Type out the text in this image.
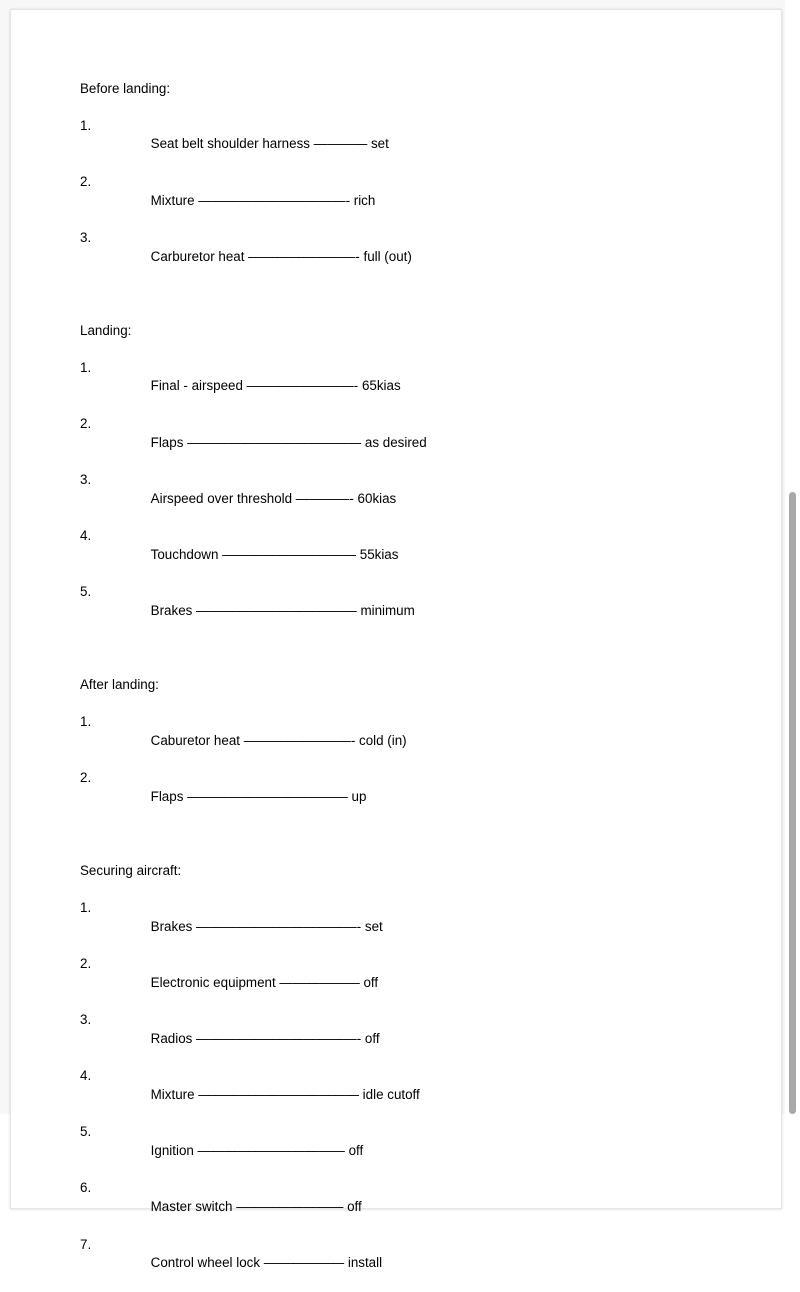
Before landing:

1.
Seat belt shoulder harness ———— set

2.
Mixture ———————————- rich

3.
Carburetor heat ————————- full (out)

Landing:

1.
Final - airspeed ————————- 65kias

2.
Flaps ————————————— as desired

3.
Airspeed over threshold ————- 60kias

4.
Touchdown —————————— 55kias

5.
Brakes ———————————— minimum

After landing:

1.
Caburetor heat ————————- cold (in)

2.
Flaps ———————————— up

Securing aircraft:

1.
Brakes ————————————- set

2.
Electronic equipment —————— off

3.
Radios ————————————- off

4.
Mixture ———————————— idle cutoff

5.
Ignition ——————————— off

6.
Master switch ———————— off

7.
Control wheel lock —————— install
